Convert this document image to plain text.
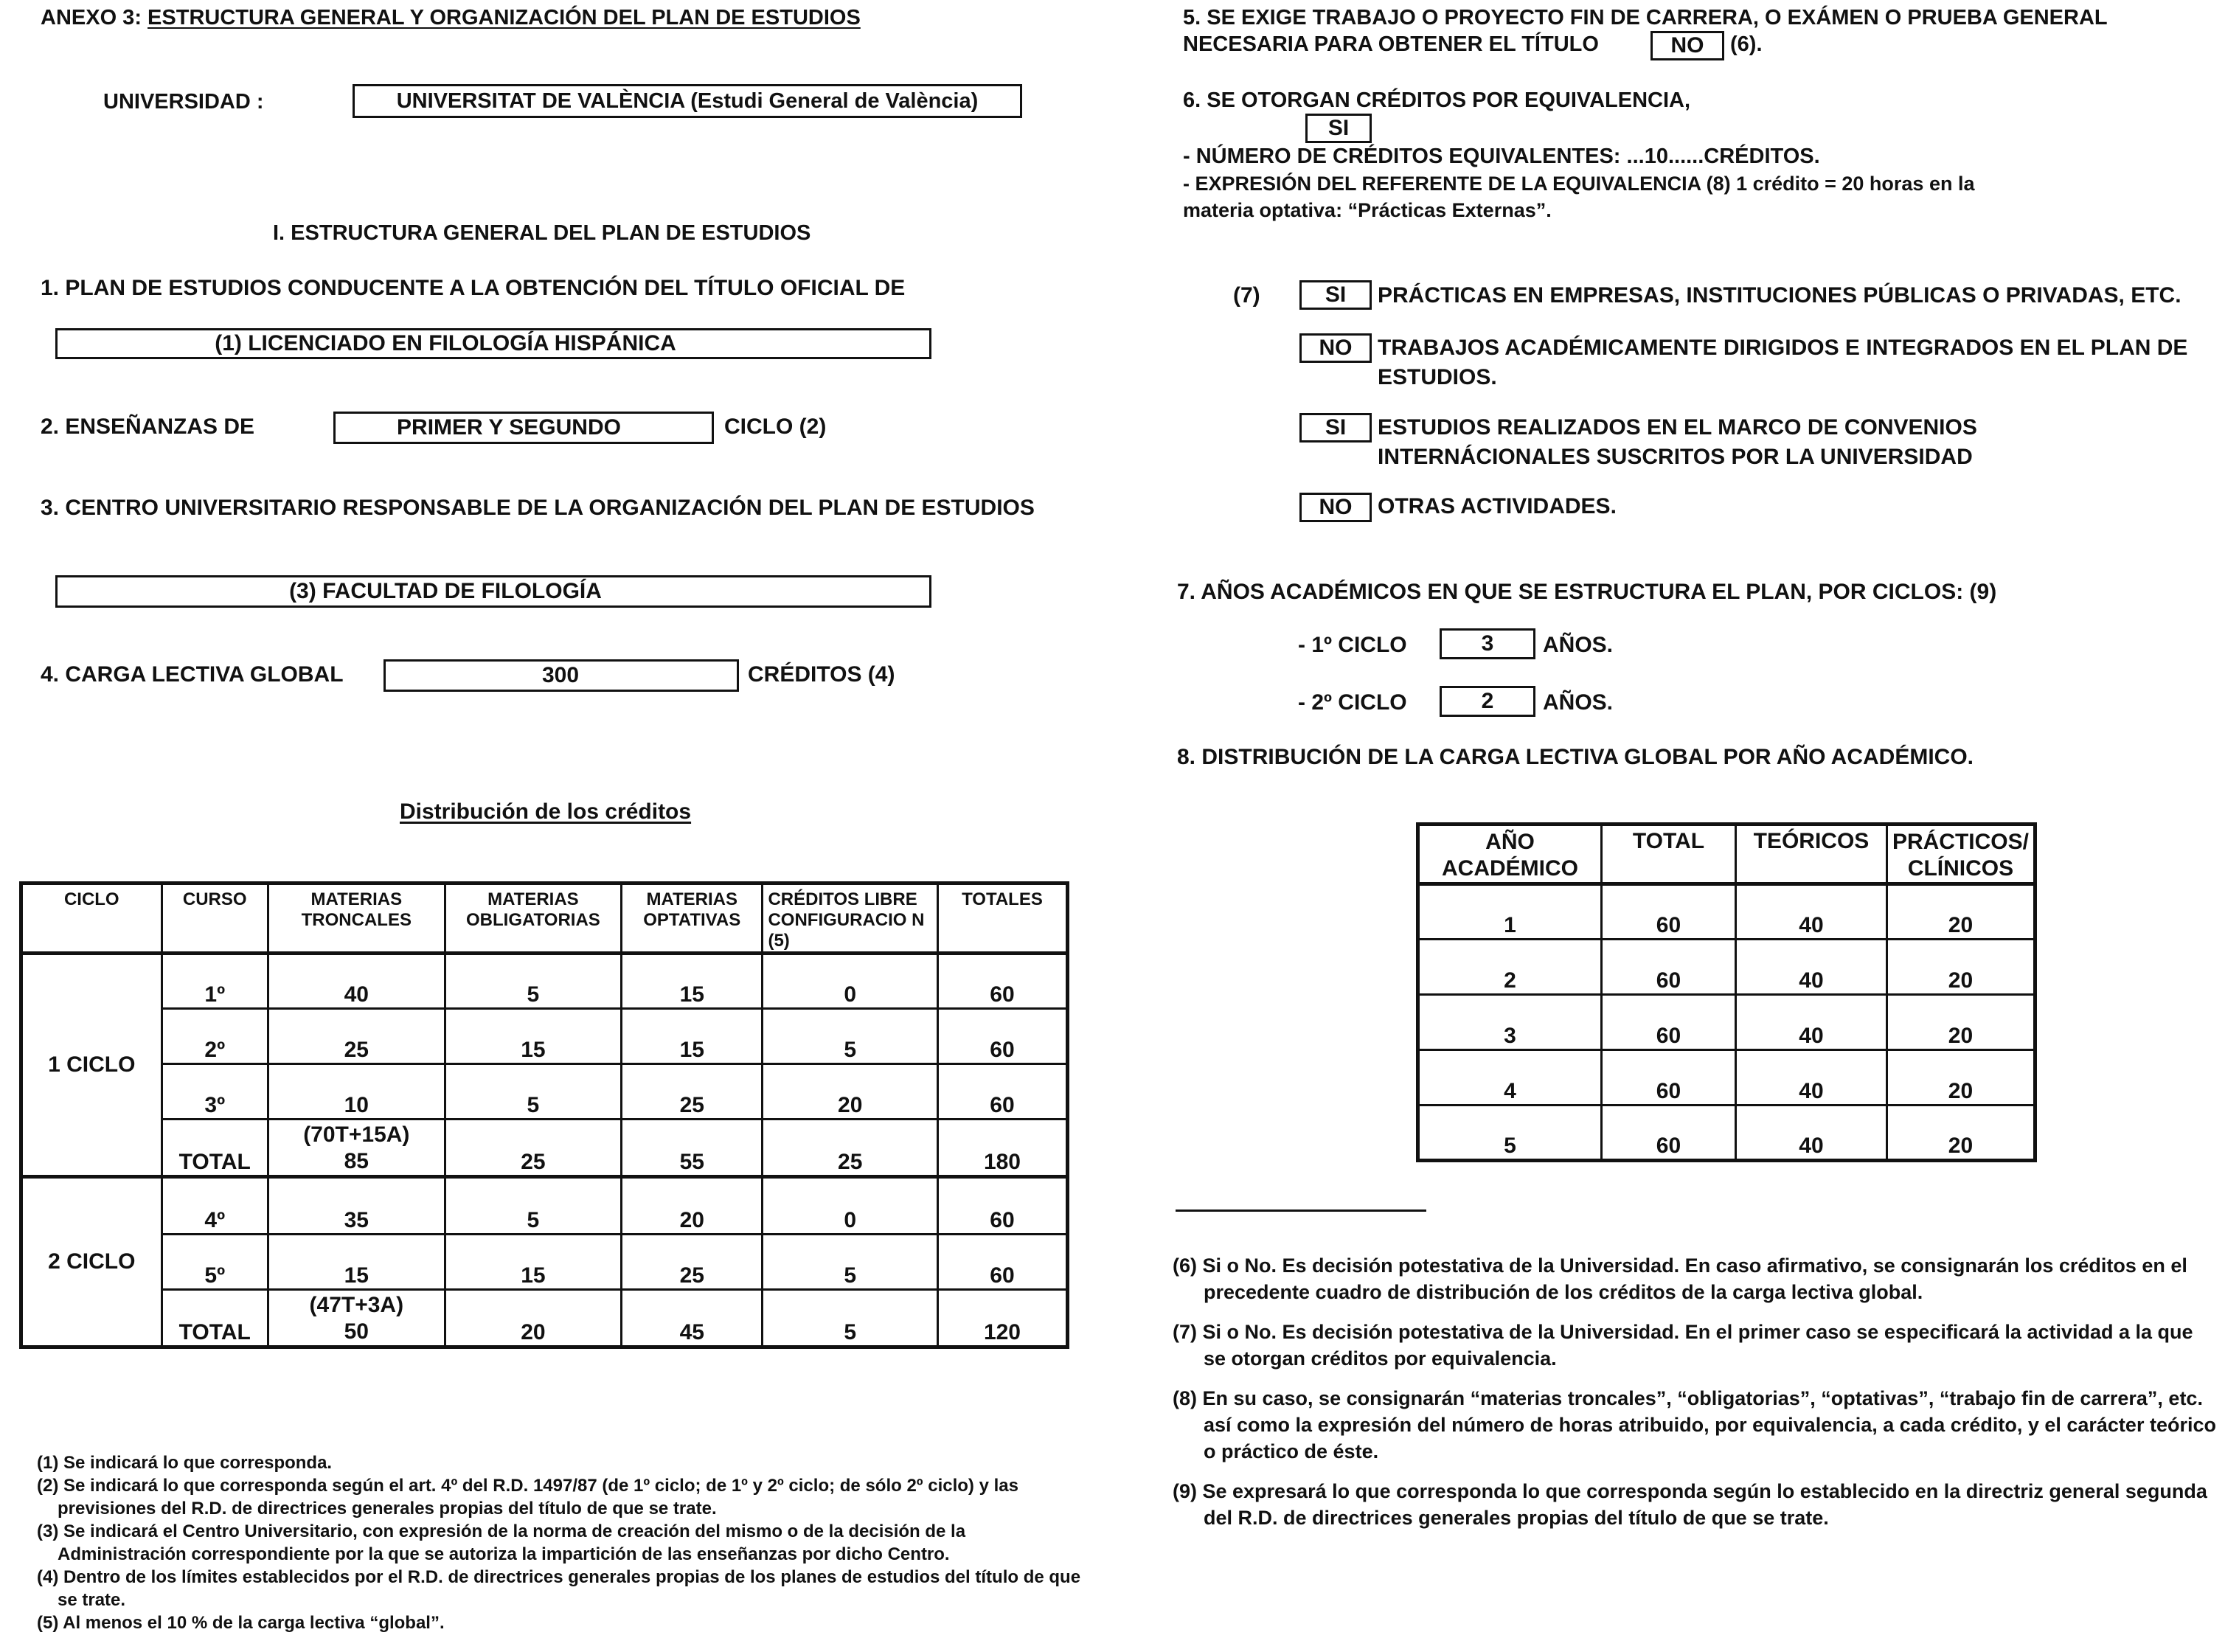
ANEXO 3: ESTRUCTURA GENERAL Y ORGANIZACIÓN DEL PLAN DE ESTUDIOS
UNIVERSIDAD :	UNIVERSITAT DE VALÈNCIA (Estudi General de València)
I. ESTRUCTURA GENERAL DEL PLAN DE ESTUDIOS
1. PLAN DE ESTUDIOS CONDUCENTE A LA OBTENCIÓN DEL TÍTULO OFICIAL DE
(1) LICENCIADO EN FILOLOGÍA HISPÁNICA
2. ENSEÑANZAS DE	PRIMER Y SEGUNDO	CICLO (2)
3. CENTRO UNIVERSITARIO RESPONSABLE DE LA ORGANIZACIÓN DEL PLAN DE ESTUDIOS
(3) FACULTAD DE FILOLOGÍA
4. CARGA LECTIVA GLOBAL	300	CRÉDITOS (4)
Distribución de los créditos
CICLO	CURSO	MATERIAS TRONCALES	MATERIAS OBLIGATORIAS	MATERIAS OPTATIVAS	CRÉDITOS LIBRE CONFIGURACIO N (5)	TOTALES
1 CICLO	1º	40	5	15	0	60
	2º	25	15	15	5	60
	3º	10	5	25	20	60
	TOTAL	(70T+15A)
85	25	55	25	180
2 CICLO	4º	35	5	20	0	60
	5º	15	15	25	5	60
	TOTAL	(47T+3A)
50	20	45	5	120
(1) Se indicará lo que corresponda.
(2) Se indicará lo que corresponda según el art. 4º del R.D. 1497/87 (de 1º ciclo; de 1º y 2º ciclo; de sólo 2º ciclo) y las previsiones del R.D. de directrices generales propias del título de que se trate.
(3) Se indicará el Centro Universitario, con expresión de la norma de creación del mismo o de la decisión de la Administración correspondiente por la que se autoriza la impartición de las enseñanzas por dicho Centro.
(4) Dentro de los límites establecidos por el R.D. de directrices generales propias de los planes de estudios del título de que se trate.
(5) Al menos el 10 % de la carga lectiva “global”.
5. SE EXIGE TRABAJO O PROYECTO FIN DE CARRERA, O EXÁMEN O PRUEBA GENERAL
NECESARIA PARA OBTENER EL TÍTULO	NO	(6).
6. SE OTORGAN CRÉDITOS POR EQUIVALENCIA,
SI
- NÚMERO DE CRÉDITOS EQUIVALENTES: ...10......CRÉDITOS.
- EXPRESIÓN DEL REFERENTE DE LA EQUIVALENCIA (8) 1 crédito = 20 horas en la
materia optativa: “Prácticas Externas”.
(7)	SI	PRÁCTICAS EN EMPRESAS, INSTITUCIONES PÚBLICAS O PRIVADAS, ETC.
NO	TRABAJOS ACADÉMICAMENTE DIRIGIDOS E INTEGRADOS EN EL PLAN DE ESTUDIOS.
SI	ESTUDIOS REALIZADOS EN EL MARCO DE CONVENIOS INTERNÁCIONALES SUSCRITOS POR LA UNIVERSIDAD
NO	OTRAS ACTIVIDADES.
7. AÑOS ACADÉMICOS EN QUE SE ESTRUCTURA EL PLAN, POR CICLOS: (9)
- 1º CICLO	3	AÑOS.
- 2º CICLO	2	AÑOS.
8. DISTRIBUCIÓN DE LA CARGA LECTIVA GLOBAL POR AÑO ACADÉMICO.
AÑO ACADÉMICO	TOTAL	TEÓRICOS	PRÁCTICOS/ CLÍNICOS
1	60	40	20
2	60	40	20
3	60	40	20
4	60	40	20
5	60	40	20
(6) Si o No. Es decisión potestativa de la Universidad. En caso afirmativo, se consignarán los créditos en el precedente cuadro de distribución de los créditos de la carga lectiva global.
(7) Si o No. Es decisión potestativa de la Universidad. En el primer caso se especificará la actividad a la que se otorgan créditos por equivalencia.
(8) En su caso, se consignarán “materias troncales”, “obligatorias”, “optativas”, “trabajo fin de carrera”, etc. así como la expresión del número de horas atribuido, por equivalencia, a cada crédito, y el carácter teórico o práctico de éste.
(9) Se expresará lo que corresponda lo que corresponda según lo establecido en la directriz general segunda del R.D. de directrices generales propias del título de que se trate.
